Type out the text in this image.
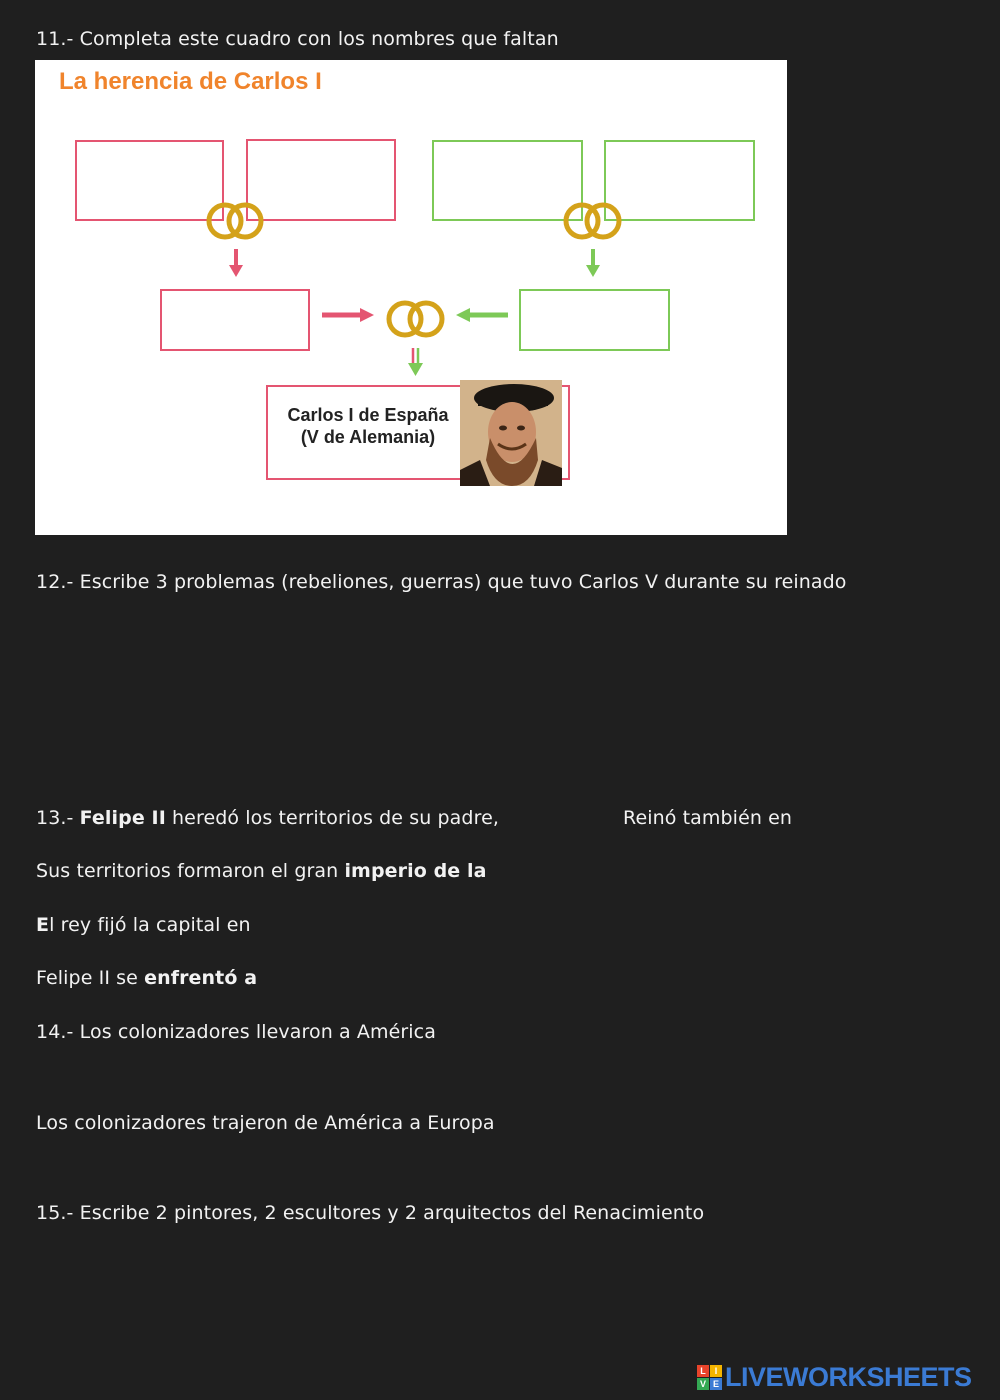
11.- Completa este cuadro con los nombres que faltan
La herencia de Carlos I
Carlos I de España
(V de Alemania)
12.- Escribe 3 problemas (rebeliones, guerras) que tuvo Carlos V durante su reinado
13.- Felipe II heredó los territorios de su padre,	Reinó también en
Sus territorios formaron el gran imperio de la
El rey fijó la capital en
Felipe II se enfrentó a
14.- Los colonizadores llevaron a América
Los colonizadores trajeron de América a Europa
15.- Escribe 2 pintores, 2 escultores y 2 arquitectos del Renacimiento
L I
V E LIVEWORKSHEETS
